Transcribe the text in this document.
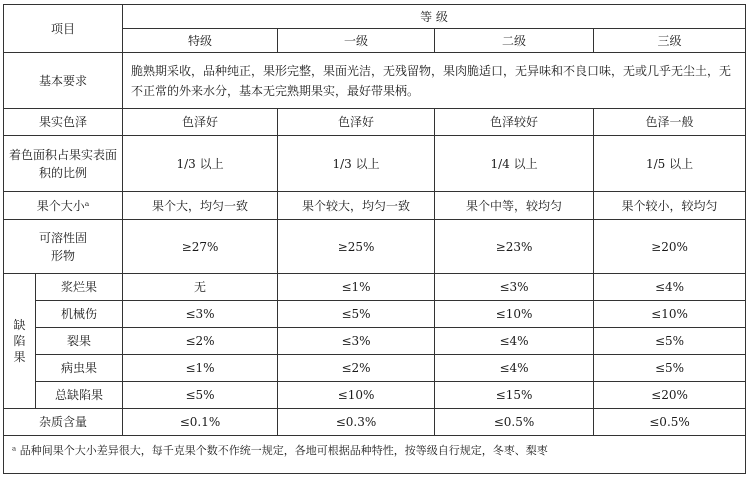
项目		等 级			
		特级	一级	二级	三级
基本要求		脆熟期采收，品种纯正，果形完整，果面光洁，无残留物，果肉脆适口，无异味和不良口味，无或几乎无尘土，无不正常的外来水分，基本无完熟期果实，最好带果柄。			
果实色泽		色泽好	色泽好	色泽较好	色泽一般
着色面积占果实表面积的比例		1/3 以上	1/3 以上	1/4 以上	1/5 以上
果个大小ᵃ		果个大，均匀一致	果个较大，均匀一致	果个中等，较均匀	果个较小，较均匀
可溶性固形物		≥27%	≥25%	≥23%	≥20%
缺陷果	浆烂果	无	≤1%	≤3%	≤4%
	机械伤	≤3%	≤5%	≤10%	≤10%
	裂果	≤2%	≤3%	≤4%	≤5%
	病虫果	≤1%	≤2%	≤4%	≤5%
	总缺陷果	≤5%	≤10%	≤15%	≤20%
杂质含量		≤0.1%	≤0.3%	≤0.5%	≤0.5%
ᵃ 品种间果个大小差异很大，每千克果个数不作统一规定，各地可根据品种特性，按等级自行规定，冬枣、梨枣					
